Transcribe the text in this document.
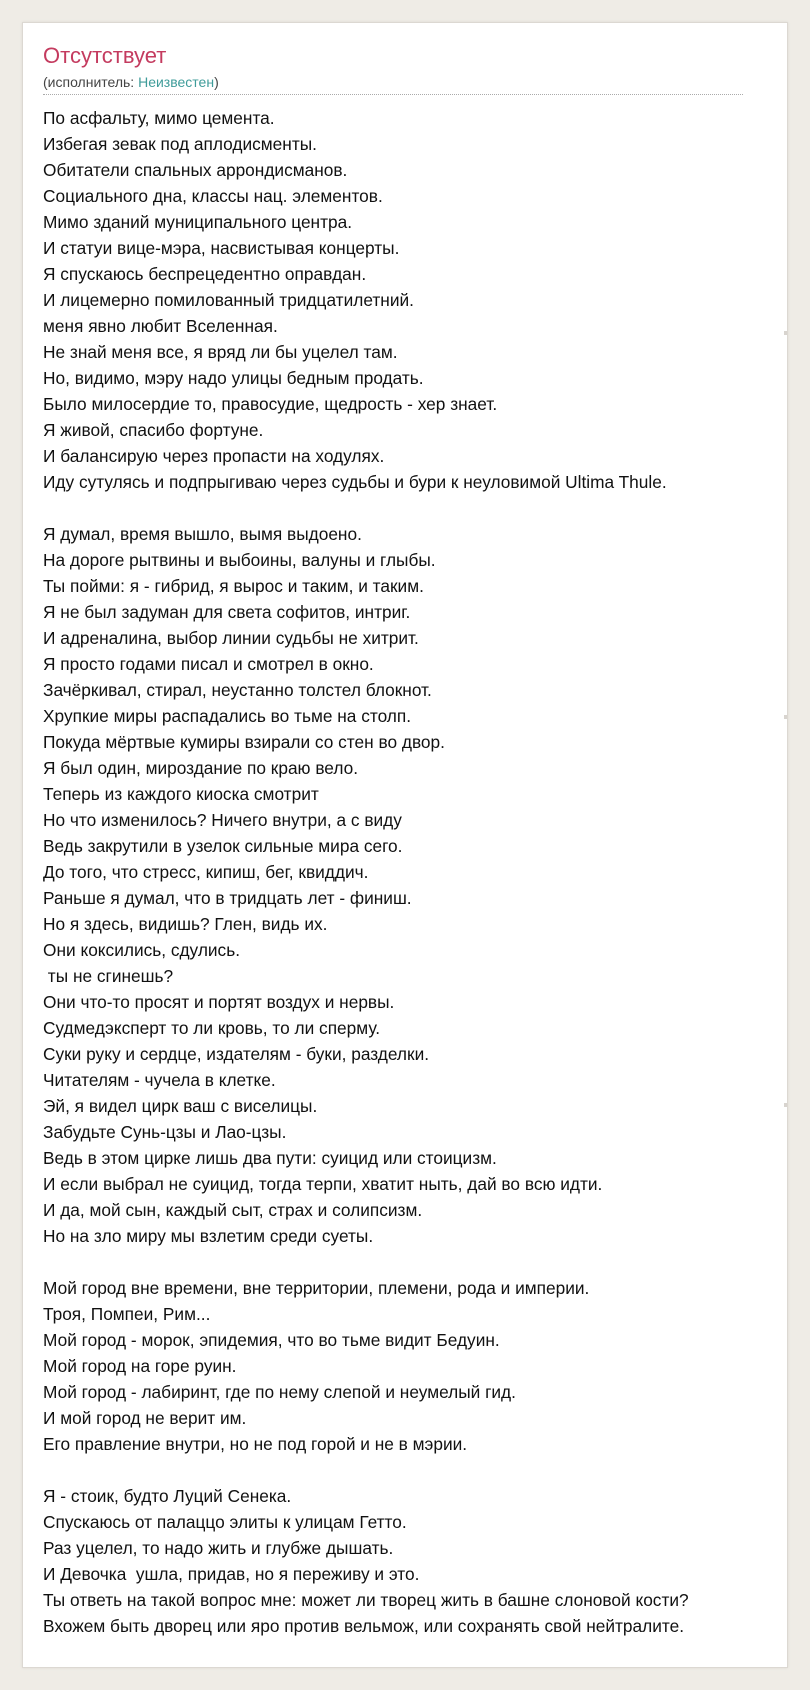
Отсутствует
(исполнитель: Неизвестен)
По асфальту, мимо цемента.
Избегая зевак под аплодисменты.
Обитатели спальных аррондисманов.
Социального дна, классы нац. элементов.
Мимо зданий муниципального центра.
И статуи вице-мэра, насвистывая концерты.
Я спускаюсь беспрецедентно оправдан.
И лицемерно помилованный тридцатилетний.
меня явно любит Вселенная.
Не знай меня все, я вряд ли бы уцелел там.
Но, видимо, мэру надо улицы бедным продать.
Было милосердие то, правосудие, щедрость - хер знает.
Я живой, спасибо фортуне.
И балансирую через пропасти на ходулях.
Иду сутулясь и подпрыгиваю через судьбы и бури к неуловимой Ultima Thule.
Я думал, время вышло, вымя выдоено.
На дороге рытвины и выбоины, валуны и глыбы.
Ты пойми: я - гибрид, я вырос и таким, и таким.
Я не был задуман для света софитов, интриг.
И адреналина, выбор линии судьбы не хитрит.
Я просто годами писал и смотрел в окно.
Зачёркивал, стирал, неустанно толстел блокнот.
Хрупкие миры распадались во тьме на столп.
Покуда мёртвые кумиры взирали со стен во двор.
Я был один, мироздание по краю вело.
Теперь из каждого киоска смотрит
Но что изменилось? Ничего внутри, а с виду
Ведь закрутили в узелок сильные мира сего.
До того, что стресс, кипиш, бег, квиддич.
Раньше я думал, что в тридцать лет - финиш.
Но я здесь, видишь? Глен, видь их.
Они коксились, сдулись.
ты не сгинешь?
Они что-то просят и портят воздух и нервы.
Судмедэксперт то ли кровь, то ли сперму.
Суки руку и сердце, издателям - буки, разделки.
Читателям - чучела в клетке.
Эй, я видел цирк ваш с виселицы.
Забудьте Сунь-цзы и Лао-цзы.
Ведь в этом цирке лишь два пути: суицид или стоицизм.
И если выбрал не суицид, тогда терпи, хватит ныть, дай во всю идти.
И да, мой сын, каждый сыт, страх и солипсизм.
Но на зло миру мы взлетим среди суеты.
Мой город вне времени, вне территории, племени, рода и империи.
Троя, Помпеи, Рим...
Мой город - морок, эпидемия, что во тьме видит Бедуин.
Мой город на горе руин.
Мой город - лабиринт, где по нему слепой и неумелый гид.
И мой город не верит им.
Его правление внутри, но не под горой и не в мэрии.
Я - стоик, будто Луций Сенека.
Спускаюсь от палаццо элиты к улицам Гетто.
Раз уцелел, то надо жить и глубже дышать.
И Девочка  ушла, придав, но я переживу и это.
Ты ответь на такой вопрос мне: может ли творец жить в башне слоновой кости?
Вхожем быть дворец или яро против вельмож, или сохранять свой нейтралите.
